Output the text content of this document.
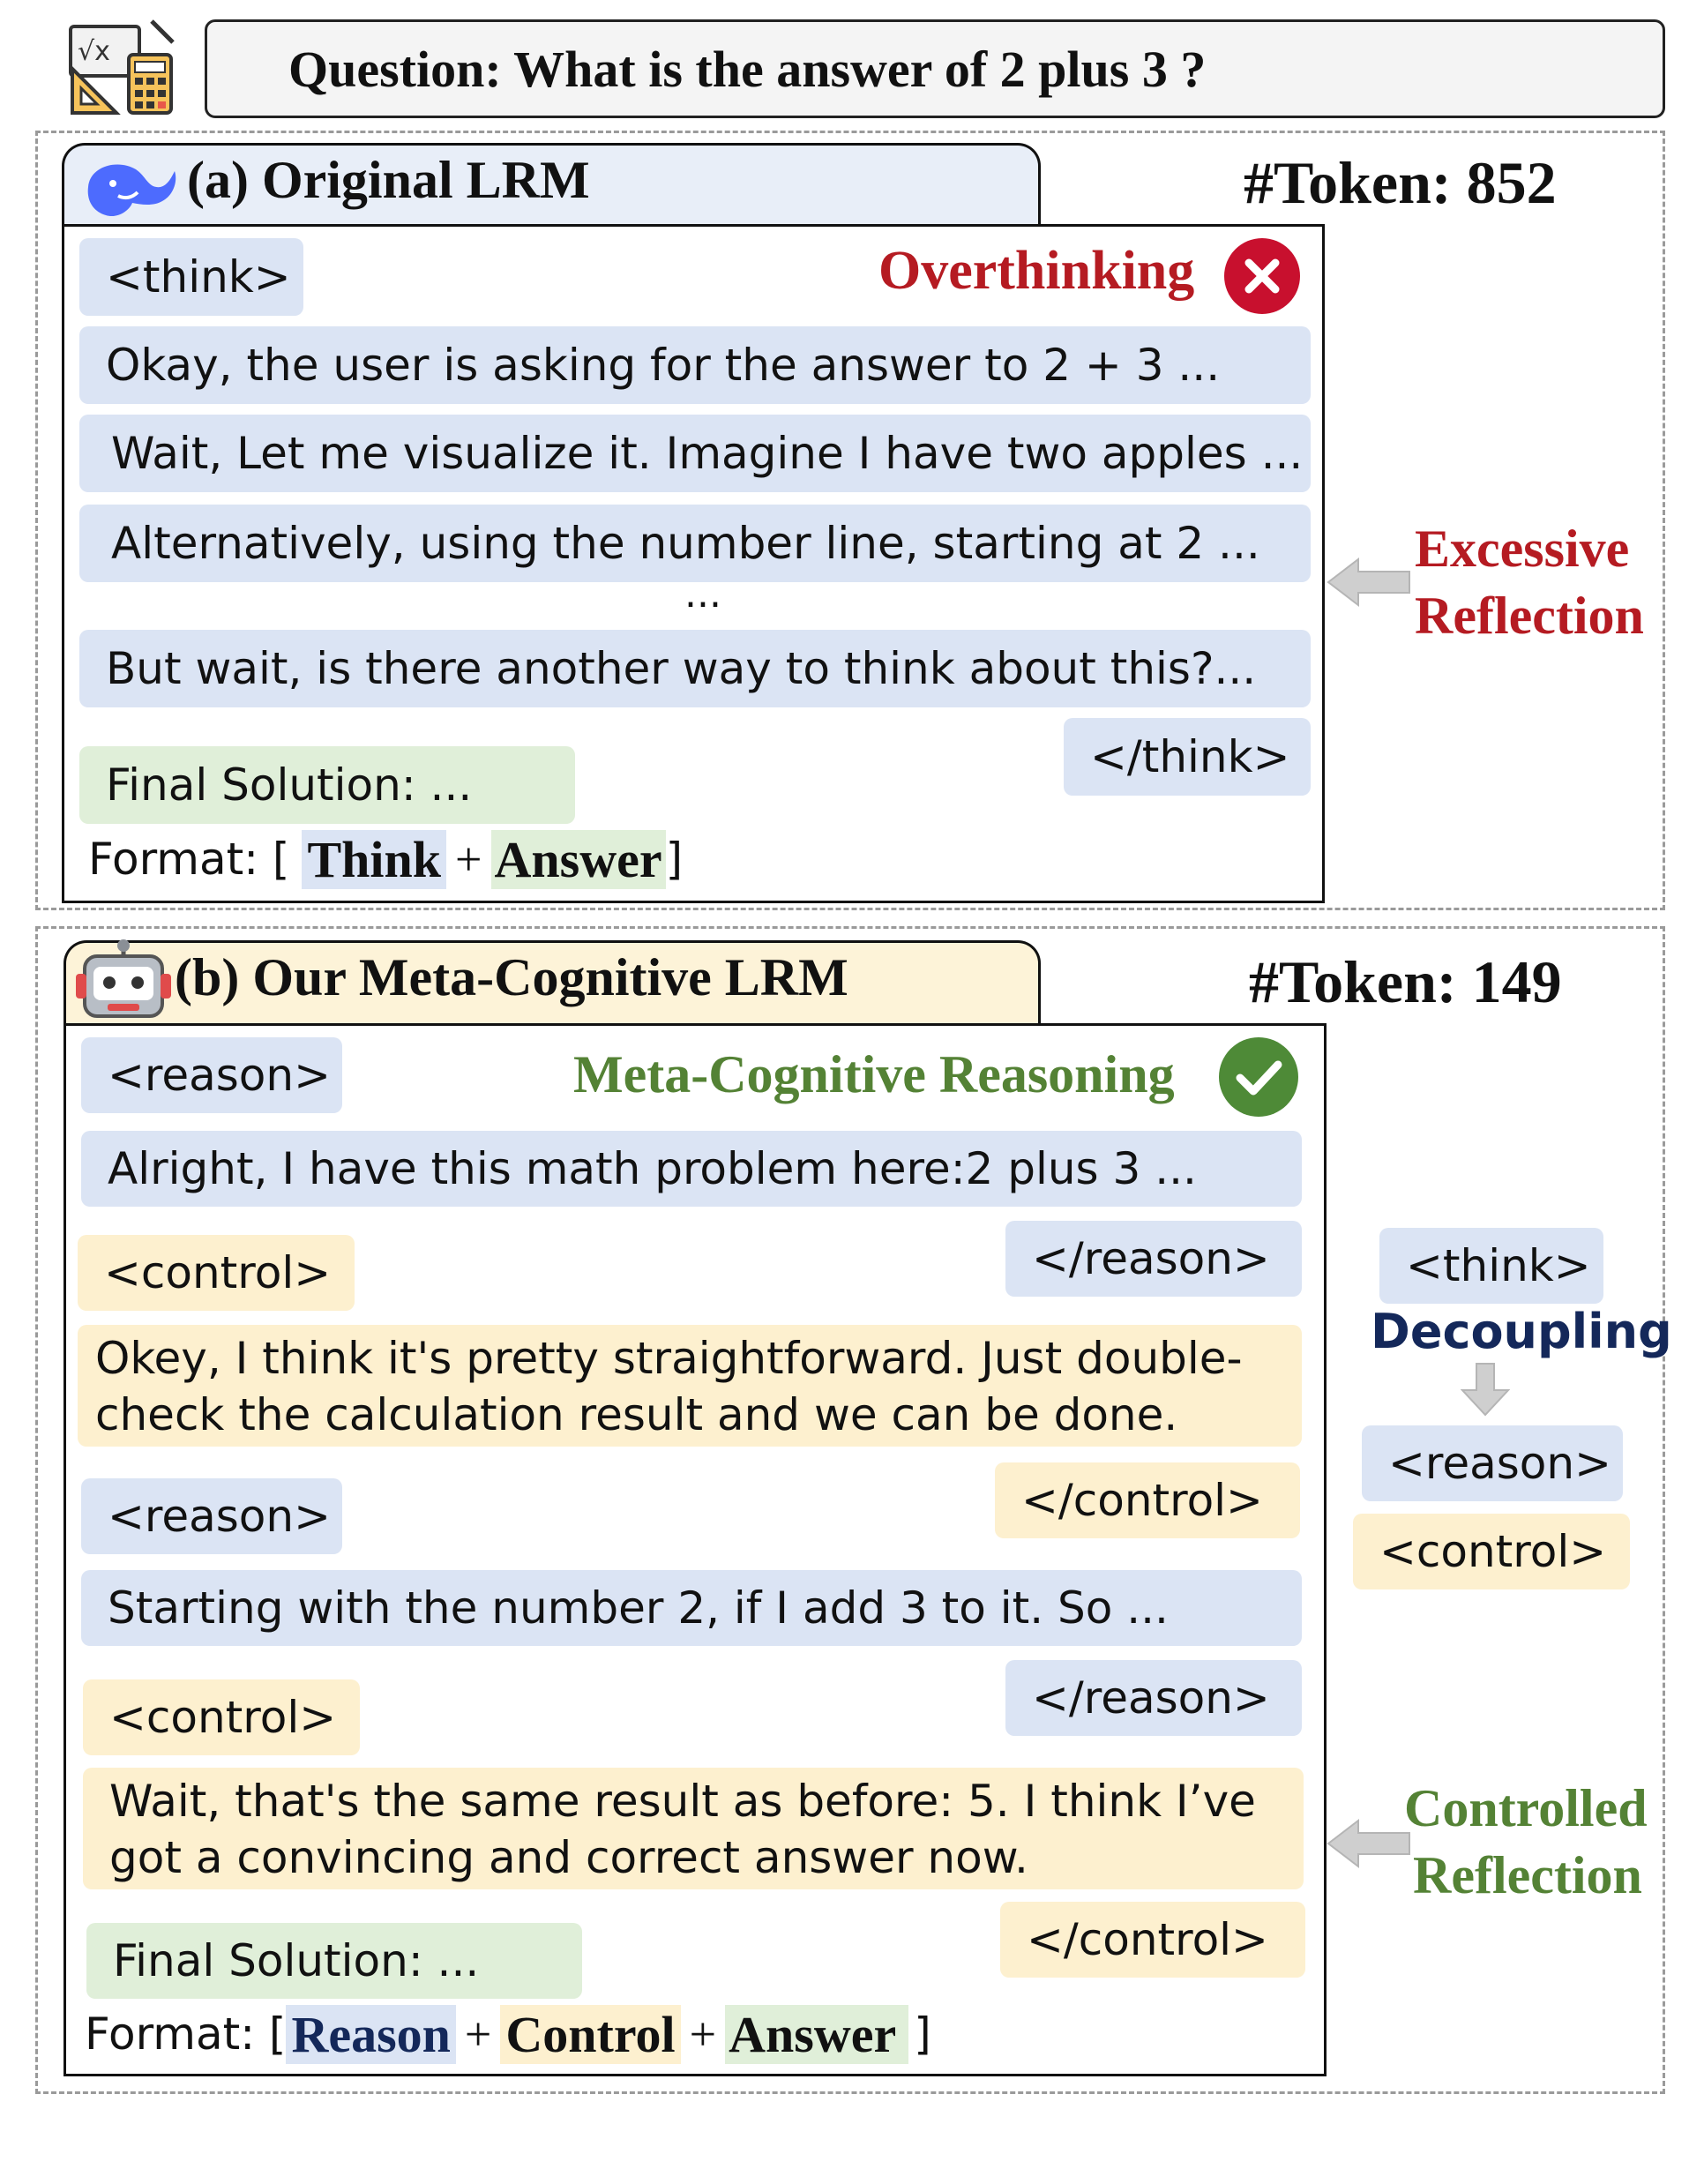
√x	Question: What is the answer of 2 plus 3 ?
(a) Original LRM	#Token: 852
<think>	Overthinking
Okay, the user is asking for the answer to 2 + 3 ...
Wait, Let me visualize it. Imagine I have two apples ...
Alternatively, using the number line, starting at 2 ...
...
But wait, is there another way to think about this?...
</think>
Final Solution: ...
Format: [ Think + Answer ]
Excessive
Reflection
(b) Our Meta-Cognitive LRM	#Token: 149
<reason>	Meta-Cognitive Reasoning
Alright, I have this math problem here:2 plus 3 ...
</reason>
<control>
Okey, I think it's pretty straightforward. Just double-
check the calculation result and we can be done.
</control>
<reason>
Starting with the number 2, if I add 3 to it. So ...
</reason>
<control>
Wait, that's the same result as before: 5. I think I’ve
got a convincing and correct answer now.
</control>
Final Solution: ...
Format: [ Reason + Control + Answer ]
<think>
Decoupling
<reason>
<control>
Controlled
Reflection
